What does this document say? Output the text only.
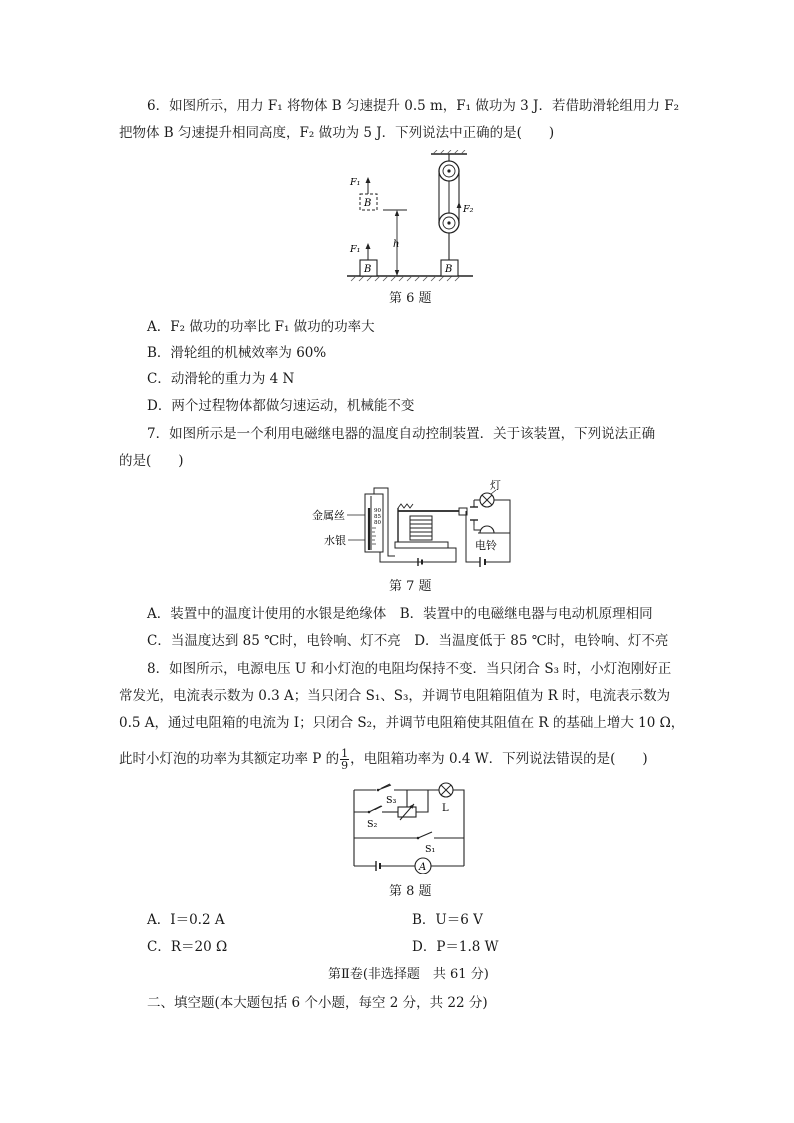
6．如图所示，用力 F₁ 将物体 B 匀速提升 0.5 m，F₁ 做功为 3 J．若借助滑轮组用力 F₂
把物体 B 匀速提升相同高度，F₂ 做功为 5 J．下列说法中正确的是(　　)
B
F₁
B
F₁
h
F₂
B
第 6 题
A．F₂ 做功的功率比 F₁ 做功的功率大
B．滑轮组的机械效率为 60%
C．动滑轮的重力为 4 N
D．两个过程物体都做匀速运动，机械能不变
7．如图所示是一个利用电磁继电器的温度自动控制装置．关于该装置，下列说法正确
的是(　　)
金属丝
水银
90
85
80
灯
电铃
第 7 题
A．装置中的温度计使用的水银是绝缘体　B．装置中的电磁继电器与电动机原理相同
C．当温度达到 85 ℃时，电铃响、灯不亮　D．当温度低于 85 ℃时，电铃响、灯不亮
8．如图所示，电源电压 U 和小灯泡的电阻均保持不变．当只闭合 S₃ 时，小灯泡刚好正
常发光，电流表示数为 0.3 A；当只闭合 S₁、S₃，并调节电阻箱阻值为 R 时，电流表示数为
0.5 A，通过电阻箱的电流为 I；只闭合 S₂，并调节电阻箱使其阻值在 R 的基础上增大 10 Ω，
此时小灯泡的功率为其额定功率 P 的 $\frac{1}{9}$ ，电阻箱功率为 0.4 W．下列说法错误的是(　　)
A
S₃
L
S₂
S₁
第 8 题
A．I＝0.2 A	B．U＝6 V
C．R＝20 Ω	D．P＝1.8 W
第Ⅱ卷(非选择题　共 61 分)
二、填空题(本大题包括 6 个小题，每空 2 分，共 22 分)
